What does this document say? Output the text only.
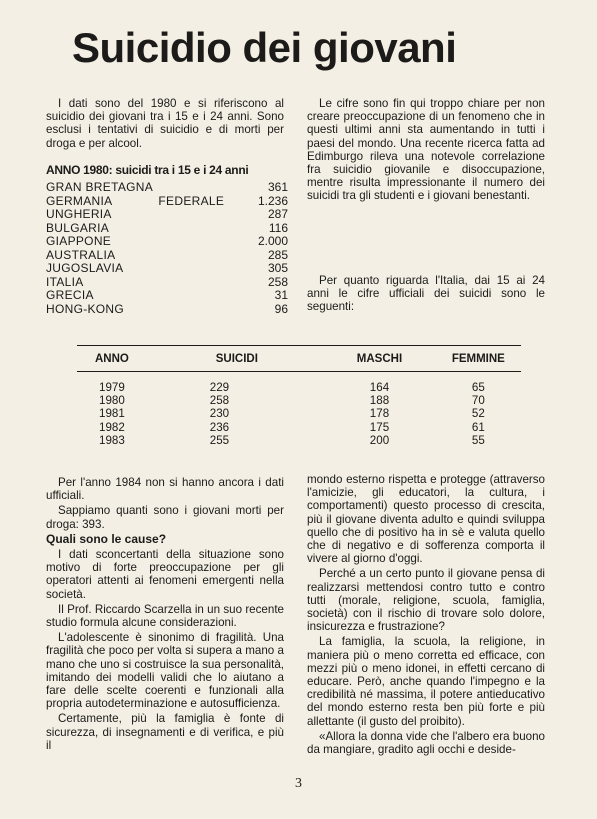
Suicidio dei giovani

I dati sono del 1980 e si riferiscono al suicidio dei giovani tra i 15 e i 24 anni. Sono esclusi i tentativi di suicidio e di morti per droga e per alcool.

Le cifre sono fin qui troppo chiare per non creare preoccupazione di un fenomeno che in questi ultimi anni sta aumentando in tutti i paesi del mondo. Una recente ricerca fatta ad Edimburgo rileva una notevole correlazione fra suicidio giovanile e disoccupazione, mentre risulta impressionante il numero dei suicidi tra gli studenti e i giovani benestanti.

ANNO 1980: suicidi tra i 15 e i 24 anni
GRAN BRETAGNA	361
GERMANIA	FEDERALE	1.236
UNGHERIA	287
BULGARIA	116
GIAPPONE	2.000
AUSTRALIA	285
JUGOSLAVIA	305
ITALIA	258
GRECIA	31
HONG-KONG	96

Per quanto riguarda l'Italia, dai 15 ai 24 anni le cifre ufficiali dei suicidi sono le seguenti:

ANNO	SUICIDI	MASCHI	FEMMINE
1979	229	164	65
1980	258	188	70
1981	230	178	52
1982	236	175	61
1983	255	200	55

Per l'anno 1984 non si hanno ancora i dati ufficiali.

Sappiamo quanti sono i giovani morti per droga: 393.

Quali sono le cause?

I dati sconcertanti della situazione sono motivo di forte preoccupazione per gli operatori attenti ai fenomeni emergenti nella società.

Il Prof. Riccardo Scarzella in un suo recente studio formula alcune considerazioni.

L'adolescente è sinonimo di fragilità. Una fragilità che poco per volta si supera a mano a mano che uno si costruisce la sua personalità, imitando dei modelli validi che lo aiutano a fare delle scelte coerenti e funzionali alla propria autodeterminazione e autosufficienza.

Certamente, più la famiglia è fonte di sicurezza, di insegnamenti e di verifica, e più il

mondo esterno rispetta e protegge (attraverso l'amicizie, gli educatori, la cultura, i comportamenti) questo processo di crescita, più il giovane diventa adulto e quindi sviluppa quello che di positivo ha in sè e valuta quello che di negativo e di sofferenza comporta il vivere al giorno d'oggi.

Perché a un certo punto il giovane pensa di realizzarsi mettendosi contro tutto e contro tutti (morale, religione, scuola, famiglia, società) con il rischio di trovare solo dolore, insicurezza e frustrazione?

La famiglia, la scuola, la religione, in maniera più o meno corretta ed efficace, con mezzi più o meno idonei, in effetti cercano di educare. Però, anche quando l'impegno e la credibilità né massima, il potere antieducativo del mondo esterno resta ben più forte e più allettante (il gusto del proibito).

«Allora la donna vide che l'albero era buono da mangiare, gradito agli occhi e deside-

3
